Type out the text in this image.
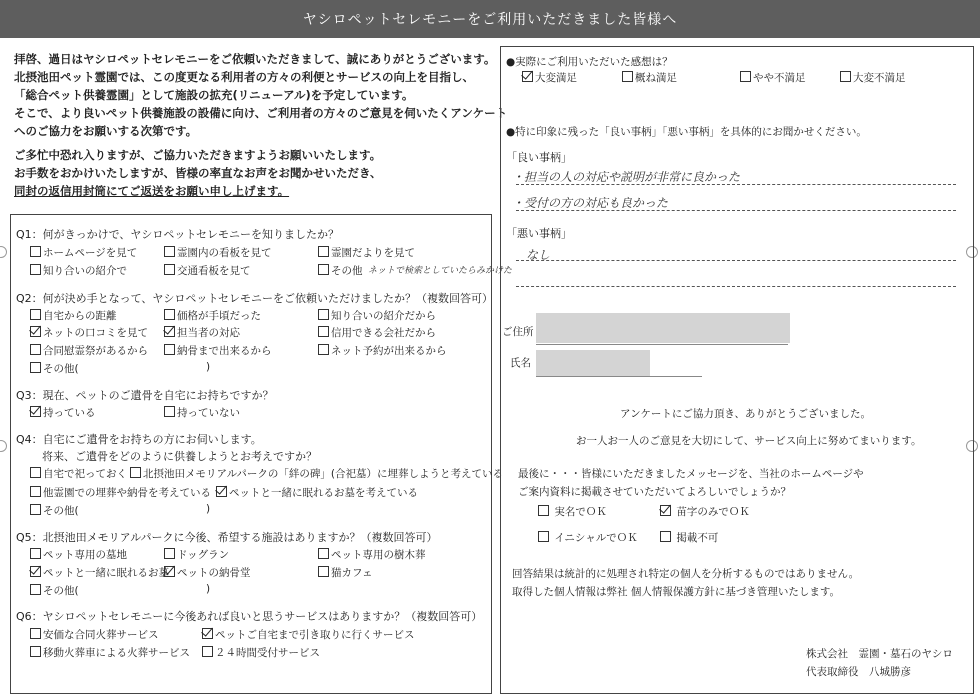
ヤシロペットセレモニーをご利用いただきました皆様へ
拝啓、過日はヤシロペットセレモニーをご依頼いただきまして、誠にありがとうございます。
北摂池田ペット霊園では、この度更なる利用者の方々の利便とサービスの向上を目指し、
「総合ペット供養霊園」として施設の拡充(リニューアル)を予定しています。
そこで、より良いペット供養施設の設備に向け、ご利用者の方々のご意見を伺いたくアンケート
へのご協力をお願いする次第です。
ご多忙中恐れ入りますが、ご協力いただきますようお願いいたします。
お手数をおかけいたしますが、皆様の率直なお声をお聞かせいただき、
同封の返信用封筒にてご返送をお願い申し上げます。
Q1：何がきっかけで、ヤシロペットセレモニーを知りましたか？
ホームページを見て	霊園内の看板を見て	霊園だよりを見て
知り合いの紹介で	交通看板を見て	その他 ネットで検索としていたらみかけた
Q2：何が決め手となって、ヤシロペットセレモニーをご依頼いただけましたか？（複数回答可）
自宅からの距離	価格が手頃だった	知り合いの紹介だから
ネットの口コミを見て	担当者の対応	信用できる会社だから
合同慰霊祭があるから	納骨まで出来るから	ネット予約が出来るから
その他(	)
Q3：現在、ペットのご遺骨を自宅にお持ちですか？
持っている	持っていない
Q4：自宅にご遺骨をお持ちの方にお伺いします。
将来、ご遺骨をどのように供養しようとお考えですか？
自宅で祀っておく	北摂池田メモリアルパークの「絆の碑」(合祀墓）に埋葬しようと考えている
他霊園での埋葬や納骨を考えている	ペットと一緒に眠れるお墓を考えている
その他(	)
Q5：北摂池田メモリアルパークに今後、希望する施設はありますか？（複数回答可）
ペット専用の墓地	ドッグラン	ペット専用の樹木葬
ペットと一緒に眠れるお墓 ペットの納骨堂	猫カフェ
その他(	)
Q6：ヤシロペットセレモニーに今後あれば良いと思うサービスはありますか？（複数回答可）
安価な合同火葬サービス	ペットご自宅まで引き取りに行くサービス
移動火葬車による火葬サービス	２４時間受付サービス
●実際にご利用いただいた感想は？
大変満足	概ね満足	やや不満足	大変不満足
●特に印象に残った「良い事柄」「悪い事柄」を具体的にお聞かせください。
「良い事柄」
・担当の人の対応や説明が非常に良かった
・受付の方の対応も良かった
「悪い事柄」
なし
ご住所
氏名
アンケートにご協力頂き、ありがとうございました。
お一人お一人のご意見を大切にして、サービス向上に努めてまいります。
最後に・・・皆様にいただきましたメッセージを、当社のホームページや
ご案内資料に掲載させていただいてよろしいでしょうか？
実名でＯＫ	苗字のみでＯＫ
イニシャルでＯＫ	掲載不可
回答結果は統計的に処理され特定の個人を分析するものではありません。
取得した個人情報は弊社 個人情報保護方針に基づき管理いたします。
株式会社　霊園・墓石のヤシロ
代表取締役　八城勝彦
